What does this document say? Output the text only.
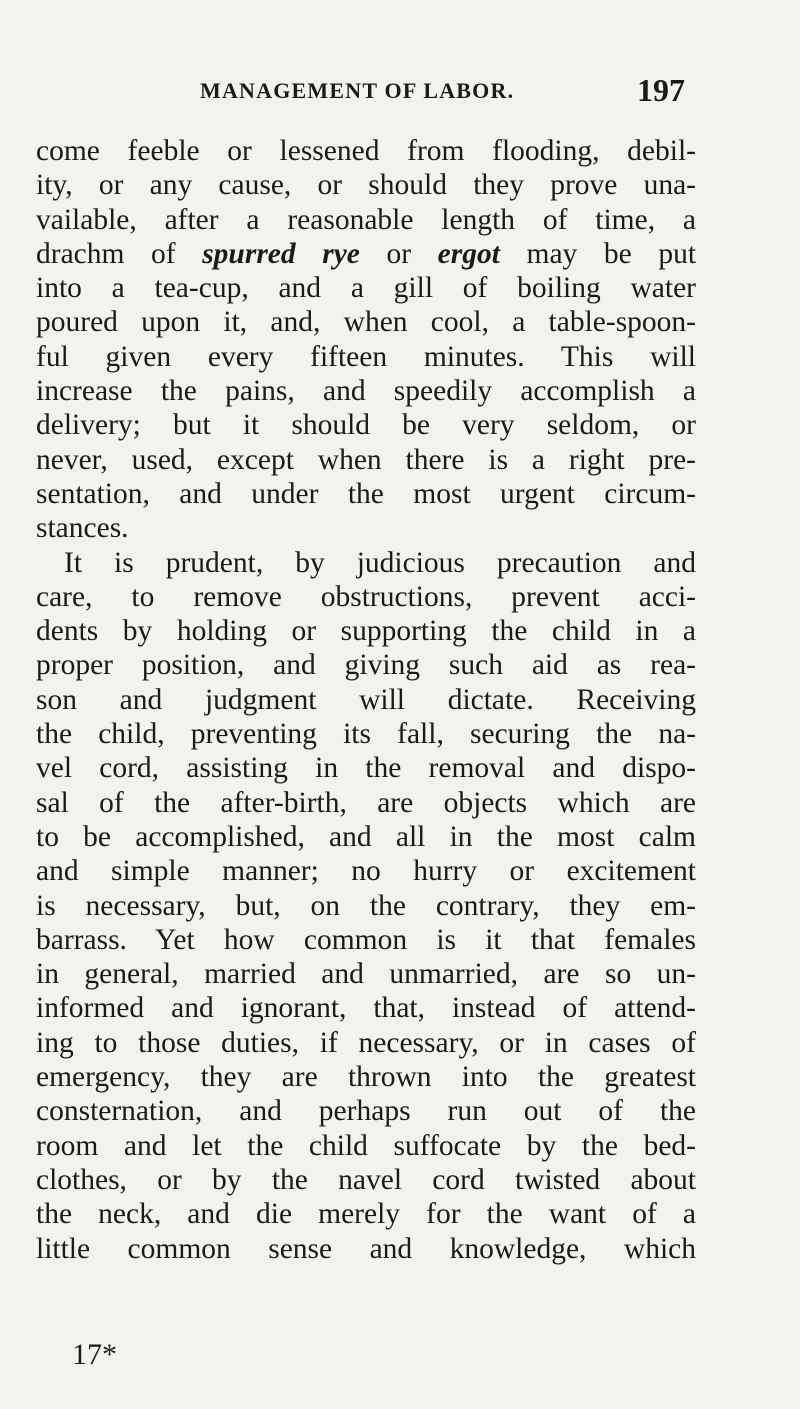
MANAGEMENT OF LABOR.	197
come feeble or lessened from flooding, debil-
ity, or any cause, or should they prove una-
vailable, after a reasonable length of time, a
drachm of spurred rye or ergot may be put
into a tea-cup, and a gill of boiling water
poured upon it, and, when cool, a table-spoon-
ful given every fifteen minutes. This will
increase the pains, and speedily accomplish a
delivery; but it should be very seldom, or
never, used, except when there is a right pre-
sentation, and under the most urgent circum-
stances.
It is prudent, by judicious precaution and
care, to remove obstructions, prevent acci-
dents by holding or supporting the child in a
proper position, and giving such aid as rea-
son and judgment will dictate. Receiving
the child, preventing its fall, securing the na-
vel cord, assisting in the removal and dispo-
sal of the after-birth, are objects which are
to be accomplished, and all in the most calm
and simple manner; no hurry or excitement
is necessary, but, on the contrary, they em-
barrass. Yet how common is it that females
in general, married and unmarried, are so un-
informed and ignorant, that, instead of attend-
ing to those duties, if necessary, or in cases of
emergency, they are thrown into the greatest
consternation, and perhaps run out of the
room and let the child suffocate by the bed-
clothes, or by the navel cord twisted about
the neck, and die merely for the want of a
little common sense and knowledge, which
17*
